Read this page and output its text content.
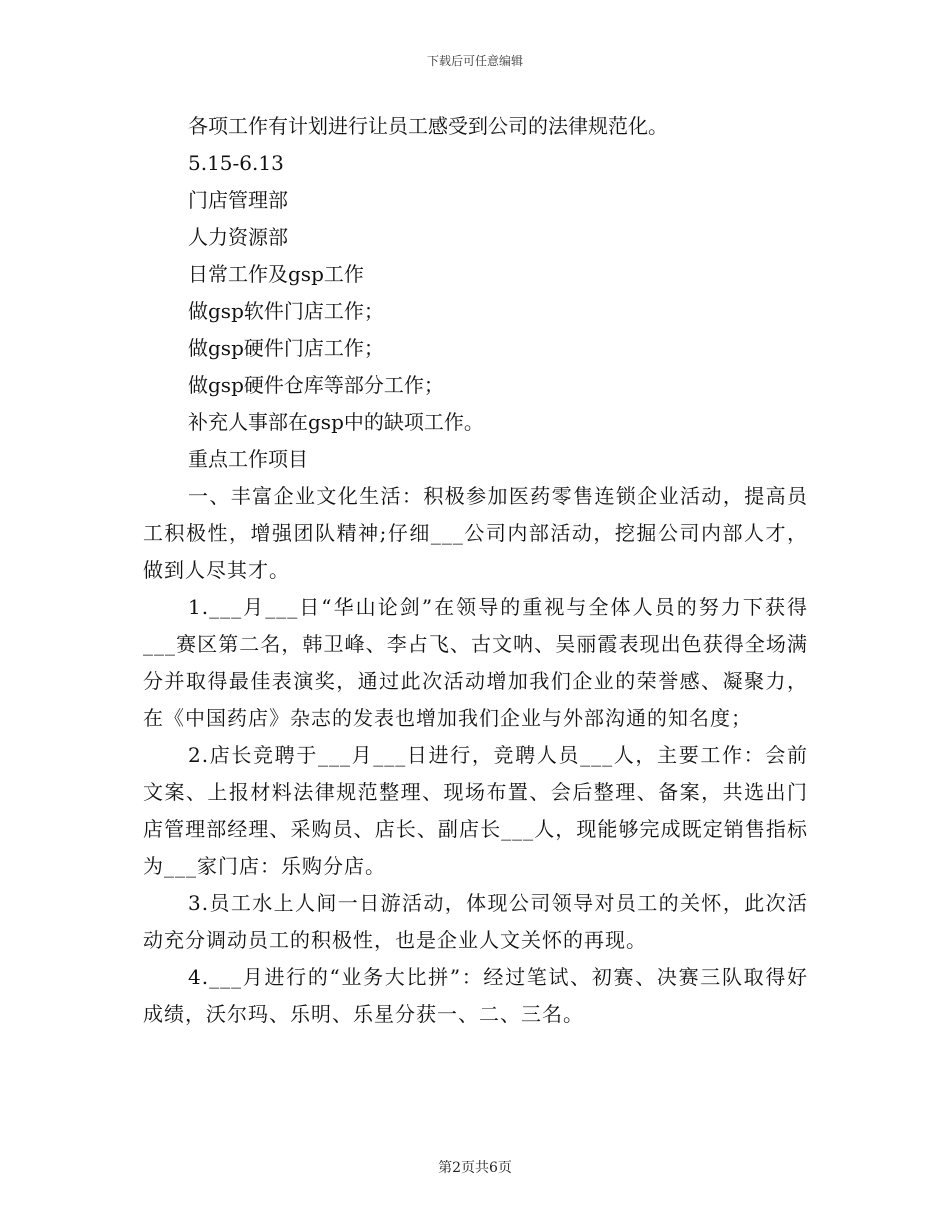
下载后可任意编辑
各项工作有计划进行让员工感受到公司的法律规范化。
5.15-6.13
门店管理部
人力资源部
日常工作及gsp工作
做gsp软件门店工作；
做gsp硬件门店工作；
做gsp硬件仓库等部分工作；
补充人事部在gsp中的缺项工作。
重点工作项目

一、丰富企业文化生活：积极参加医药零售连锁企业活动，提高员工积极性，增强团队精神;仔细___公司内部活动，挖掘公司内部人才，做到人尽其才。

1.___月___日“华山论剑”在领导的重视与全体人员的努力下获得___赛区第二名，韩卫峰、李占飞、古文呐、吴丽霞表现出色获得全场满分并取得最佳表演奖，通过此次活动增加我们企业的荣誉感、凝聚力，在《中国药店》杂志的发表也增加我们企业与外部沟通的知名度；

2.店长竞聘于___月___日进行，竞聘人员___人，主要工作：会前文案、上报材料法律规范整理、现场布置、会后整理、备案，共选出门店管理部经理、采购员、店长、副店长___人，现能够完成既定销售指标为___家门店：乐购分店。

3.员工水上人间一日游活动，体现公司领导对员工的关怀，此次活动充分调动员工的积极性，也是企业人文关怀的再现。

4.___月进行的“业务大比拼”：经过笔试、初赛、决赛三队取得好成绩，沃尔玛、乐明、乐星分获一、二、三名。

第2页共6页
